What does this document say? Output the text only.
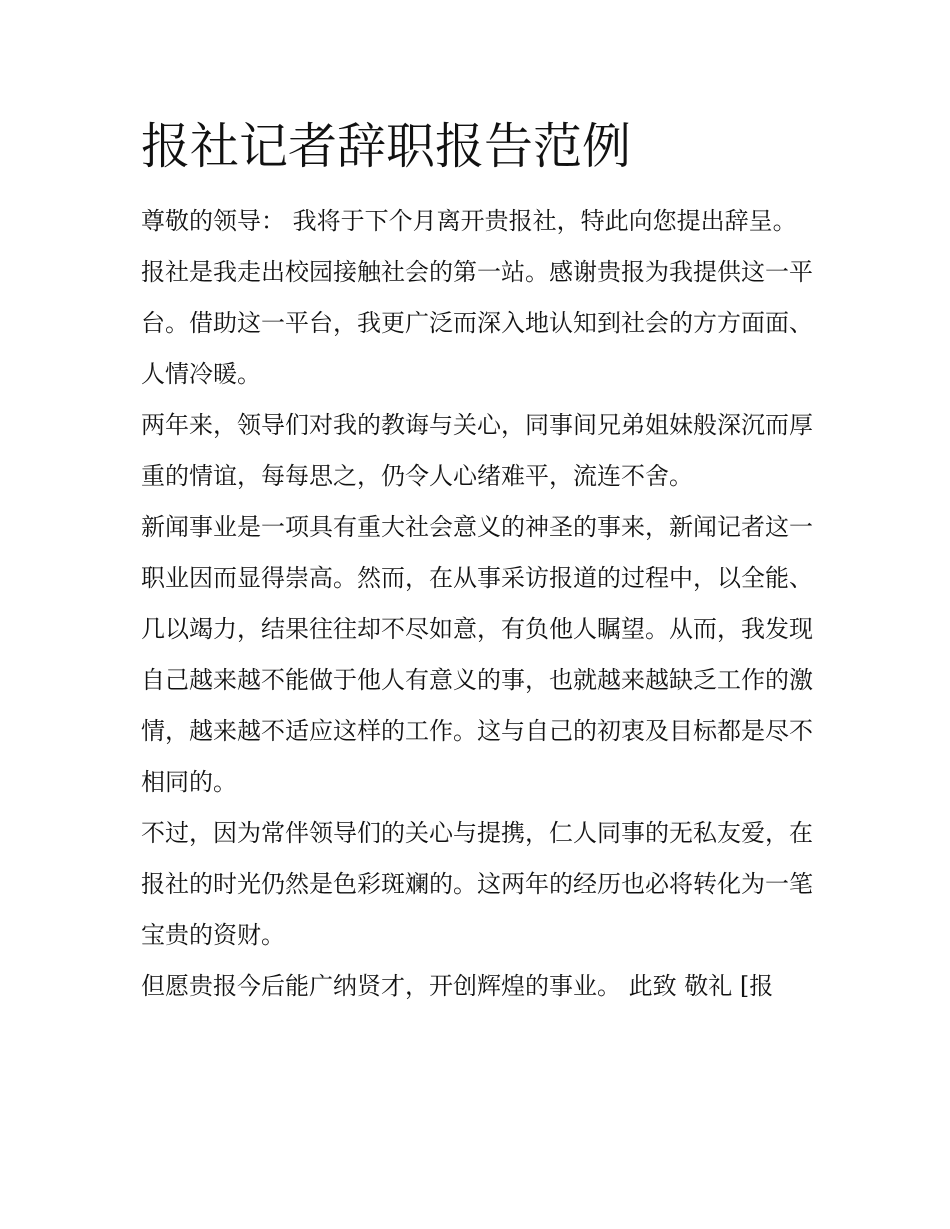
报社记者辞职报告范例

尊敬的领导： 我将于下个月离开贵报社，特此向您提出辞呈。

报社是我走出校园接触社会的第一站。感谢贵报为我提供这一平台。借助这一平台，我更广泛而深入地认知到社会的方方面面、人情冷暖。

两年来，领导们对我的教诲与关心，同事间兄弟姐妹般深沉而厚重的情谊，每每思之，仍令人心绪难平，流连不舍。

新闻事业是一项具有重大社会意义的神圣的事来，新闻记者这一职业因而显得崇高。然而，在从事采访报道的过程中，以全能、几以竭力，结果往往却不尽如意，有负他人瞩望。从而，我发现自己越来越不能做于他人有意义的事，也就越来越缺乏工作的激情，越来越不适应这样的工作。这与自己的初衷及目标都是尽不相同的。

不过，因为常伴领导们的关心与提携，仁人同事的无私友爱，在报社的时光仍然是色彩斑斓的。这两年的经历也必将转化为一笔宝贵的资财。

但愿贵报今后能广纳贤才，开创辉煌的事业。 此致 敬礼 [报
